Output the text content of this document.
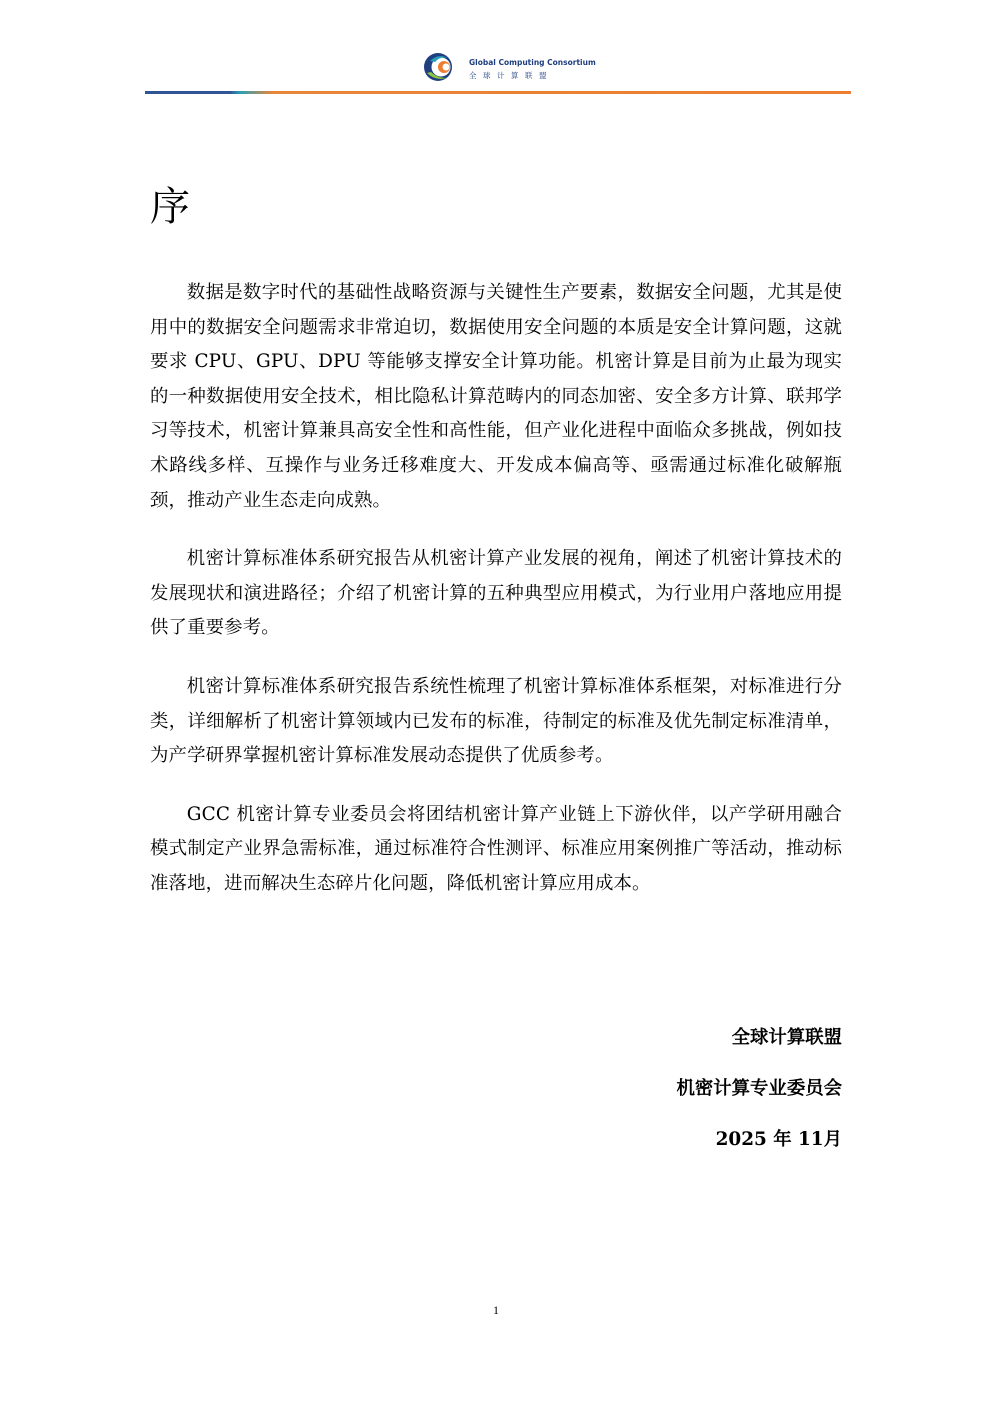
Global Computing Consortium
全球计算联盟
序

数据是数字时代的基础性战略资源与关键性生产要素，数据安全问题，尤其是使用中的数据安全问题需求非常迫切，数据使用安全问题的本质是安全计算问题，这就要求 CPU、GPU、DPU 等能够支撑安全计算功能。机密计算是目前为止最为现实的一种数据使用安全技术，相比隐私计算范畴内的同态加密、安全多方计算、联邦学习等技术，机密计算兼具高安全性和高性能，但产业化进程中面临众多挑战，例如技术路线多样、互操作与业务迁移难度大、开发成本偏高等、亟需通过标准化破解瓶颈，推动产业生态走向成熟。

机密计算标准体系研究报告从机密计算产业发展的视角，阐述了机密计算技术的发展现状和演进路径；介绍了机密计算的五种典型应用模式，为行业用户落地应用提供了重要参考。

机密计算标准体系研究报告系统性梳理了机密计算标准体系框架，对标准进行分类，详细解析了机密计算领域内已发布的标准，待制定的标准及优先制定标准清单，为产学研界掌握机密计算标准发展动态提供了优质参考。

GCC 机密计算专业委员会将团结机密计算产业链上下游伙伴，以产学研用融合模式制定产业界急需标准，通过标准符合性测评、标准应用案例推广等活动，推动标准落地，进而解决生态碎片化问题，降低机密计算应用成本。

全球计算联盟

机密计算专业委员会

2025 年 11月

1
